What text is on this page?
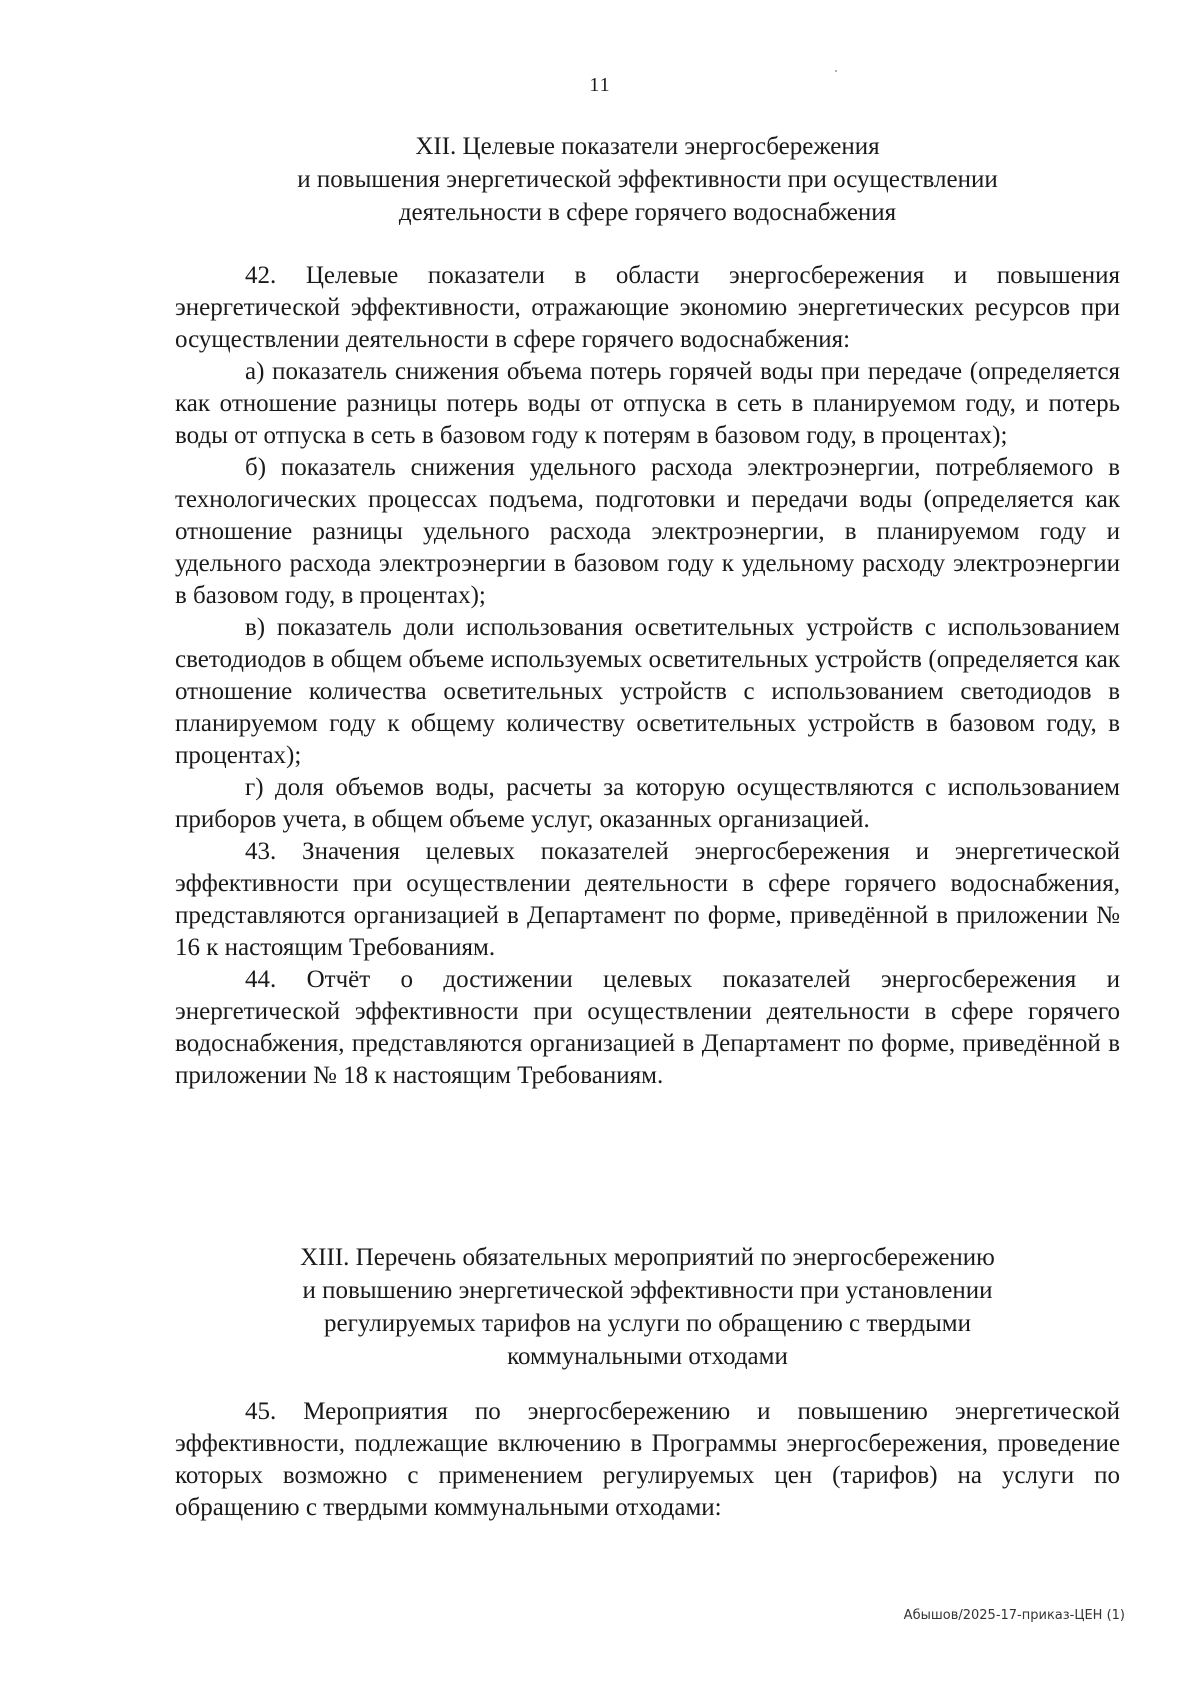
11
XII. Целевые показатели энергосбережения
и повышения энергетической эффективности при осуществлении
деятельности в сфере горячего водоснабжения

42. Целевые показатели в области энергосбережения и повышения энергетической эффективности, отражающие экономию энергетических ресурсов при осуществлении деятельности в сфере горячего водоснабжения:

а) показатель снижения объема потерь горячей воды при передаче (определяется как отношение разницы потерь воды от отпуска в сеть в планируемом году, и потерь воды от отпуска в сеть в базовом году к потерям в базовом году, в процентах);

б) показатель снижения удельного расхода электроэнергии, потребляемого в технологических процессах подъема, подготовки и передачи воды (определяется как отношение разницы удельного расхода электроэнергии, в планируемом году и удельного расхода электроэнергии в базовом году к удельному расходу электроэнергии в базовом году, в процентах);

в) показатель доли использования осветительных устройств с использованием светодиодов в общем объеме используемых осветительных устройств (определяется как отношение количества осветительных устройств с использованием светодиодов в планируемом году к общему количеству осветительных устройств в базовом году, в процентах);

г) доля объемов воды, расчеты за которую осуществляются с использованием приборов учета, в общем объеме услуг, оказанных организацией.

43. Значения целевых показателей энергосбережения и энергетической эффективности при осуществлении деятельности в сфере горячего водоснабжения, представляются организацией в Департамент по форме, приведённой в приложении № 16 к настоящим Требованиям.

44. Отчёт о достижении целевых показателей энергосбережения и энергетической эффективности при осуществлении деятельности в сфере горячего водоснабжения, представляются организацией в Департамент по форме, приведённой в приложении № 18 к настоящим Требованиям.

XIII. Перечень обязательных мероприятий по энергосбережению
и повышению энергетической эффективности при установлении
регулируемых тарифов на услуги по обращению с твердыми
коммунальными отходами

45. Мероприятия по энергосбережению и повышению энергетической эффективности, подлежащие включению в Программы энергосбережения, проведение которых возможно с применением регулируемых цен (тарифов) на услуги по обращению с твердыми коммунальными отходами:

Абышов/2025-17-приказ-ЦЕН (1)
